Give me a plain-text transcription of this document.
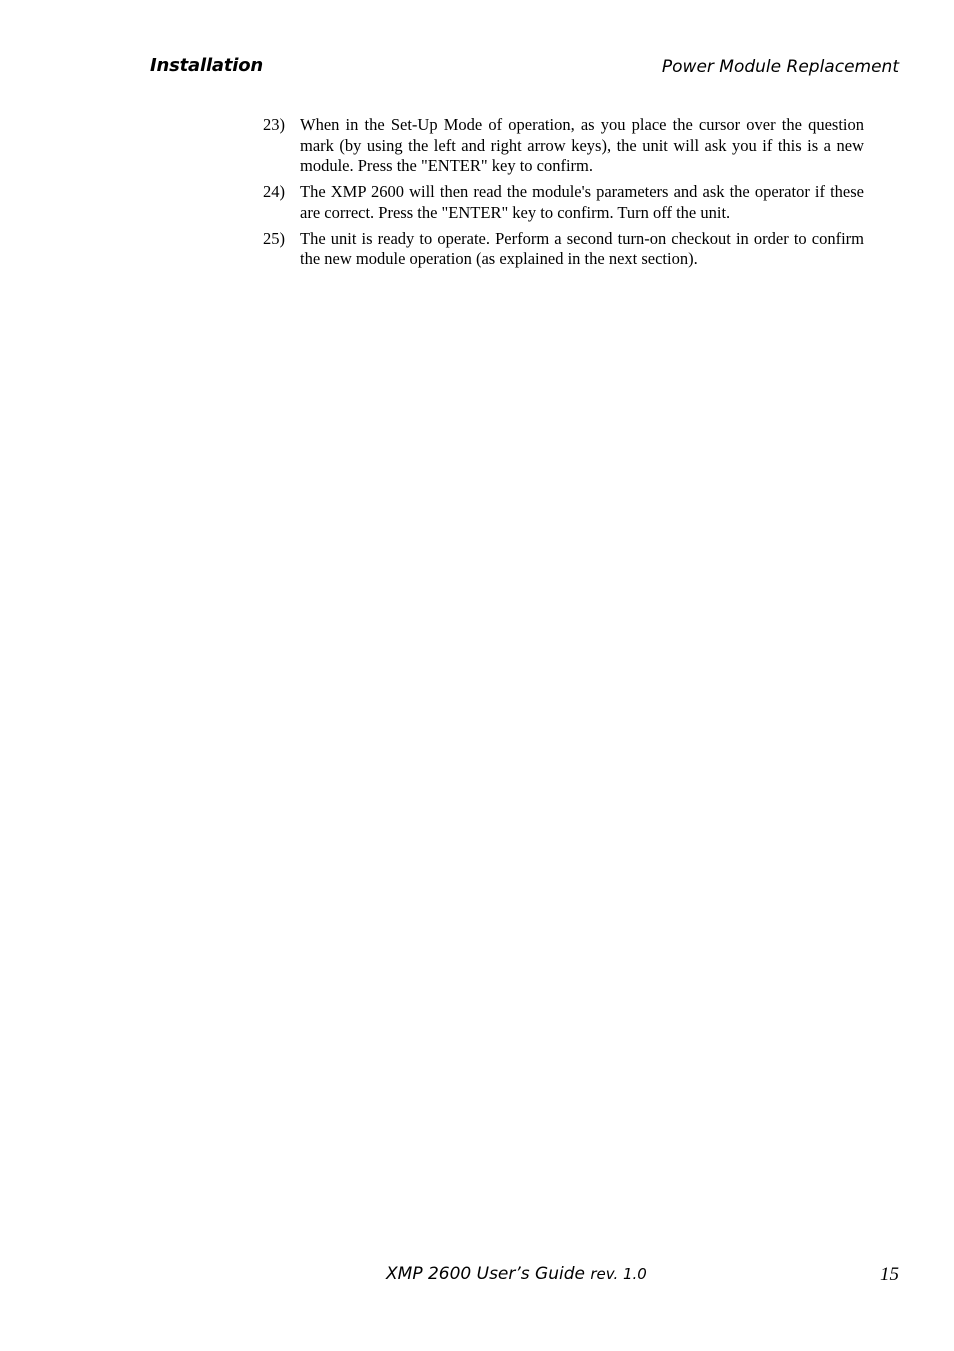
Installation	Power Module Replacement
23) When in the Set-Up Mode of operation, as you place the cursor over the question mark (by using the left and right arrow keys), the unit will ask you if this is a new module. Press the "ENTER" key to confirm.
24) The XMP 2600 will then read the module's parameters and ask the operator if these are correct. Press the "ENTER" key to confirm. Turn off the unit.
25) The unit is ready to operate. Perform a second turn-on checkout in order to confirm the new module operation (as explained in the next section).
XMP 2600 User’s Guide rev. 1.0	15
